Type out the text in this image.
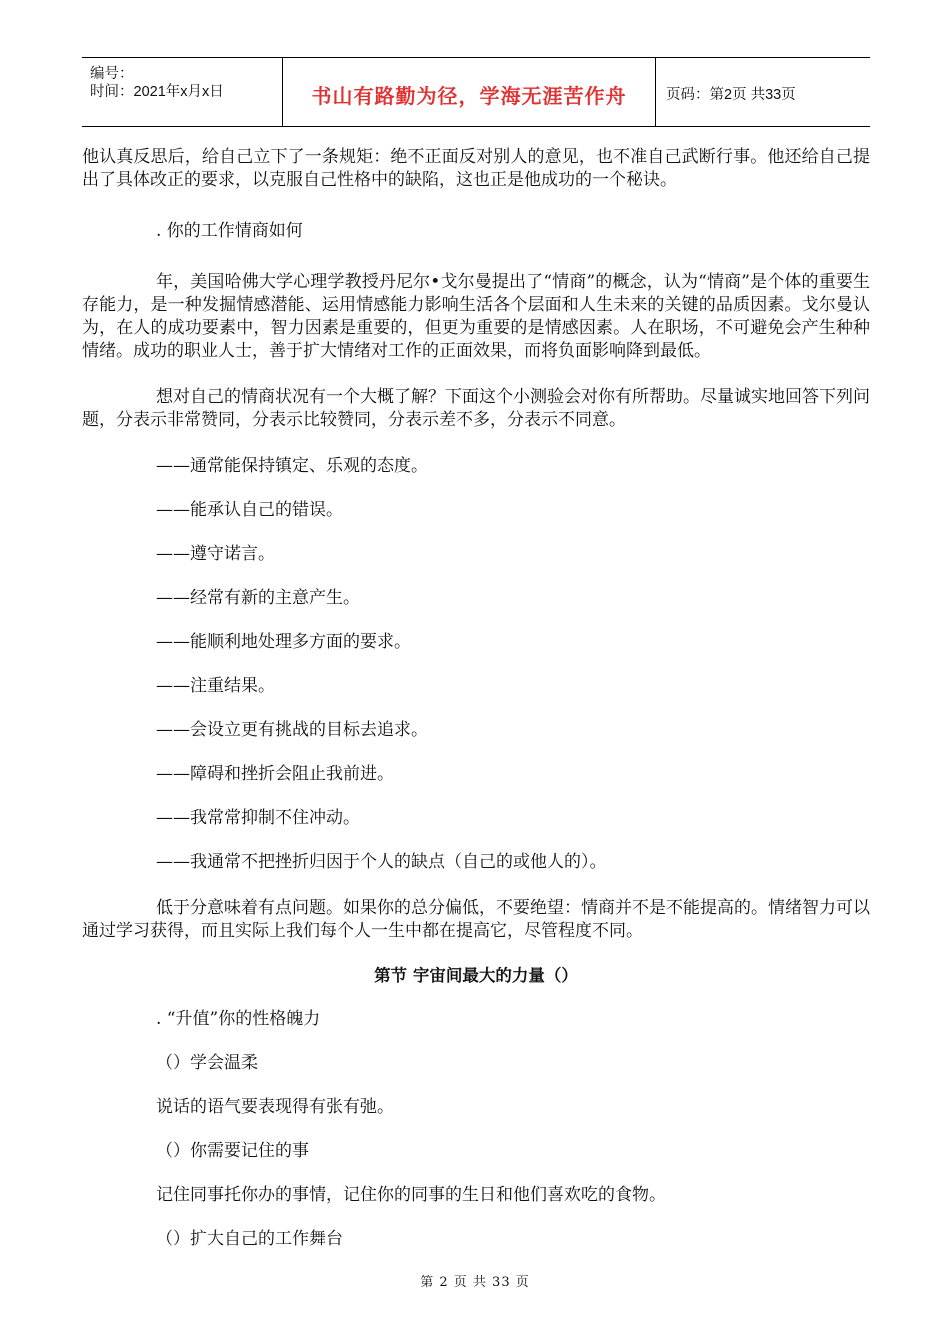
编号：
时间：2021年x月x日	书山有路勤为径，学海无涯苦作舟	页码：第2页 共33页

他认真反思后，给自己立下了一条规矩：绝不正面反对别人的意见，也不准自己武断行事。他还给自己提出了具体改正的要求，以克服自己性格中的缺陷，这也正是他成功的一个秘诀。

. 你的工作情商如何

年，美国哈佛大学心理学教授丹尼尔•戈尔曼提出了“情商”的概念，认为“情商”是个体的重要生存能力，是一种发掘情感潜能、运用情感能力影响生活各个层面和人生未来的关键的品质因素。戈尔曼认为，在人的成功要素中，智力因素是重要的，但更为重要的是情感因素。人在职场，不可避免会产生种种情绪。成功的职业人士，善于扩大情绪对工作的正面效果，而将负面影响降到最低。

想对自己的情商状况有一个大概了解？下面这个小测验会对你有所帮助。尽量诚实地回答下列问题，分表示非常赞同，分表示比较赞同，分表示差不多，分表示不同意。

——通常能保持镇定、乐观的态度。

——能承认自己的错误。

——遵守诺言。

——经常有新的主意产生。

——能顺利地处理多方面的要求。

——注重结果。

——会设立更有挑战的目标去追求。

——障碍和挫折会阻止我前进。

——我常常抑制不住冲动。

——我通常不把挫折归因于个人的缺点（自己的或他人的）。

低于分意味着有点问题。如果你的总分偏低，不要绝望：情商并不是不能提高的。情绪智力可以通过学习获得，而且实际上我们每个人一生中都在提高它，尽管程度不同。

第节 宇宙间最大的力量（）

. “升值”你的性格魄力

（）学会温柔

说话的语气要表现得有张有弛。

（）你需要记住的事

记住同事托你办的事情，记住你的同事的生日和他们喜欢吃的食物。

（）扩大自己的工作舞台

第 2 页 共 33 页
